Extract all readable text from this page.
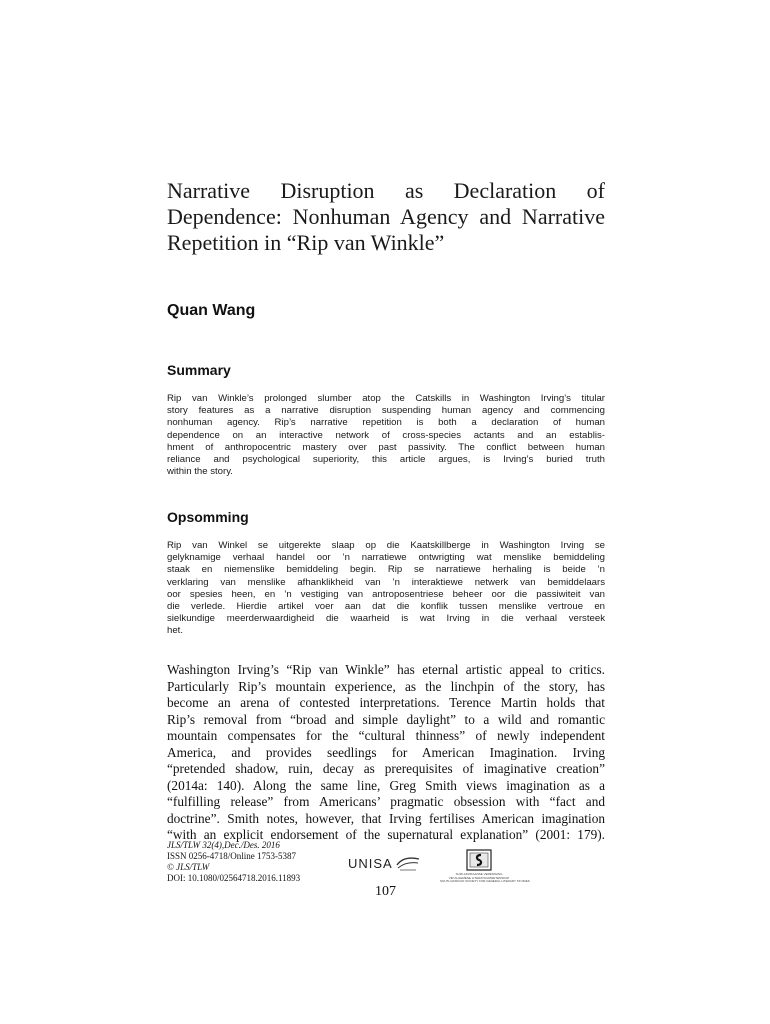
Narrative Disruption as Declaration of
Dependence: Nonhuman Agency and Narrative
Repetition in “Rip van Winkle”
Quan Wang
Summary
Rip van Winkle’s prolonged slumber atop the Catskills in Washington Irving’s titular
story features as a narrative disruption suspending human agency and commencing
nonhuman agency. Rip’s narrative repetition is both a declaration of human
dependence on an interactive network of cross-species actants and an establis-
hment of anthropocentric mastery over past passivity. The conflict between human
reliance and psychological superiority, this article argues, is Irving’s buried truth
within the story.
Opsomming
Rip van Winkel se uitgerekte slaap op die Kaatskillberge in Washington Irving se
gelyknamige verhaal handel oor ’n narratiewe ontwrigting wat menslike bemiddeling
staak en niemenslike bemiddeling begin. Rip se narratiewe herhaling is beide ’n
verklaring van menslike afhanklikheid van ’n interaktiewe netwerk van bemiddelaars
oor spesies heen, en ’n vestiging van antroposentriese beheer oor die passiwiteit van
die verlede. Hierdie artikel voer aan dat die konflik tussen menslike vertroue en
sielkundige meerderwaardigheid die waarheid is wat Irving in die verhaal versteek
het.
Washington Irving’s “Rip van Winkle” has eternal artistic appeal to critics.
Particularly Rip’s mountain experience, as the linchpin of the story, has
become an arena of contested interpretations. Terence Martin holds that
Rip’s removal from “broad and simple daylight” to a wild and romantic
mountain compensates for the “cultural thinness” of newly independent
America, and provides seedlings for American Imagination. Irving
“pretended shadow, ruin, decay as prerequisites of imaginative creation”
(2014a: 140). Along the same line, Greg Smith views imagination as a
“fulfilling release” from Americans’ pragmatic obsession with “fact and
doctrine”. Smith notes, however, that Irving fertilises American imagination
“with an explicit endorsement of the supernatural explanation” (2001: 179).
JLS/TLW 32(4),Dec./Des. 2016
ISSN 0256-4718/Online 1753-5387
© JLS/TLW
DOI: 10.1080/02564718.2016.11893
UNISA
SUID-AFRIKAANSE VERENIGING
VIR ALGEMENE LITERATUURWETENSKAP
SOUTH AFRICAN SOCIETY FOR GENERAL LITERARY STUDIES
107
